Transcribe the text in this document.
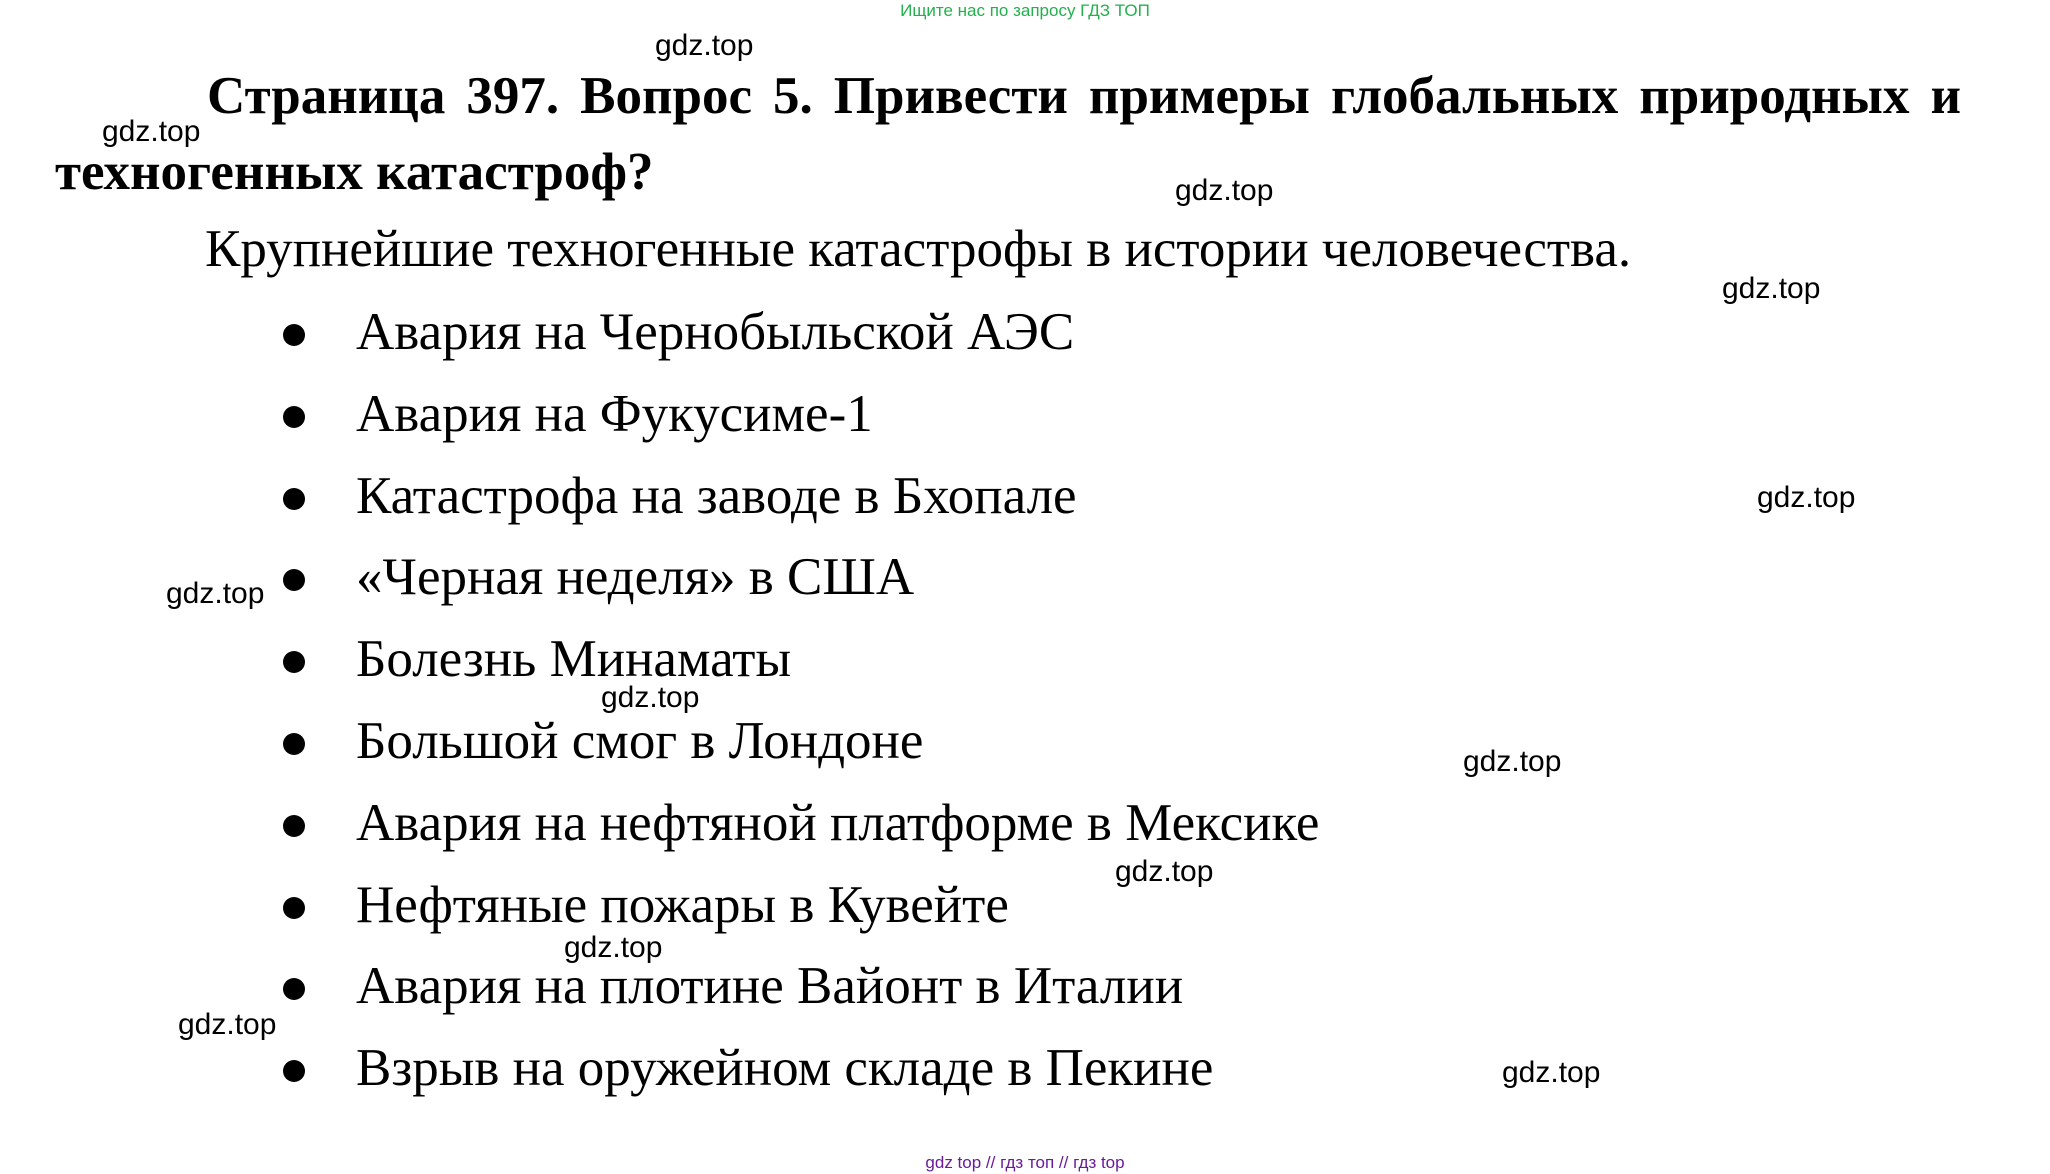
Ищите нас по запросу ГДЗ ТОП
Страница 397. Вопрос 5. Привести примеры глобальных природных и техногенных катастроф?

Крупнейшие техногенные катастрофы в истории человечества.

Авария на Чернобыльской АЭС
Авария на Фукусиме-1
Катастрофа на заводе в Бхопале
«Черная неделя» в США
Болезнь Минаматы
Большой смог в Лондоне
Авария на нефтяной платформе в Мексике
Нефтяные пожары в Кувейте
Авария на плотине Вайонт в Италии
Взрыв на оружейном складе в Пекине
gdz.top
gdz.top
gdz.top
gdz.top
gdz.top
gdz.top
gdz.top
gdz.top
gdz.top
gdz.top
gdz.top
gdz.top
gdz top // гдз топ // гдз top
